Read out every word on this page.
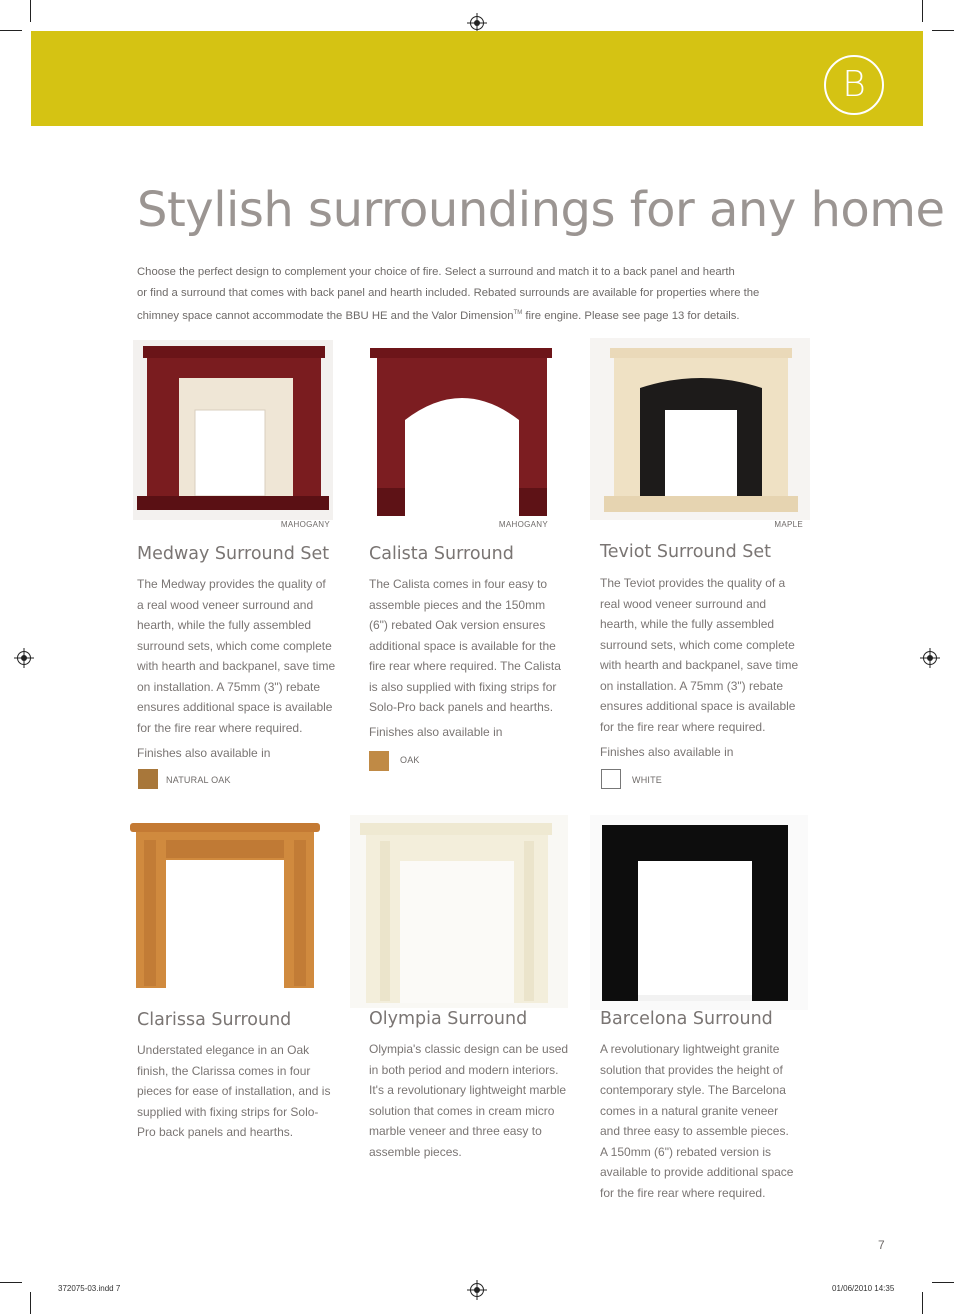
B
Stylish surroundings for any home

Choose the perfect design to complement your choice of fire. Select a surround and match it to a back panel and hearth

or find a surround that comes with back panel and hearth included. Rebated surrounds are available for properties where the

chimney space cannot accommodate the BBU HE and the Valor Dimension™ fire engine. Please see page 13 for details.

MAHOGANY	MAHOGANY	MAPLE
Medway Surround Set
The Medway provides the quality of
a real wood veneer surround and
hearth, while the fully assembled
surround sets, which come complete
with hearth and backpanel, save time
on installation. A 75mm (3") rebate
ensures additional space is available
for the fire rear where required.
Finishes also available in
NATURAL OAK
Calista Surround
The Calista comes in four easy to
assemble pieces and the 150mm
(6") rebated Oak version ensures
additional space is available for the
fire rear where required. The Calista
is also supplied with fixing strips for
Solo-Pro back panels and hearths.
Finishes also available in
OAK
Teviot Surround Set
The Teviot provides the quality of a
real wood veneer surround and
hearth, while the fully assembled
surround sets, which come complete
with hearth and backpanel, save time
on installation. A 75mm (3") rebate
ensures additional space is available
for the fire rear where required.
Finishes also available in
WHITE
Clarissa Surround
Understated elegance in an Oak
finish, the Clarissa comes in four
pieces for ease of installation, and is
supplied with fixing strips for Solo-
Pro back panels and hearths.
Olympia Surround
Olympia's classic design can be used
in both period and modern interiors.
It's a revolutionary lightweight marble
solution that comes in cream micro
marble veneer and three easy to
assemble pieces.
Barcelona Surround
A revolutionary lightweight granite
solution that provides the height of
contemporary style. The Barcelona
comes in a natural granite veneer
and three easy to assemble pieces.
A 150mm (6") rebated version is
available to provide additional space
for the fire rear where required.
7
372075-03.indd 7	01/06/2010 14:35
